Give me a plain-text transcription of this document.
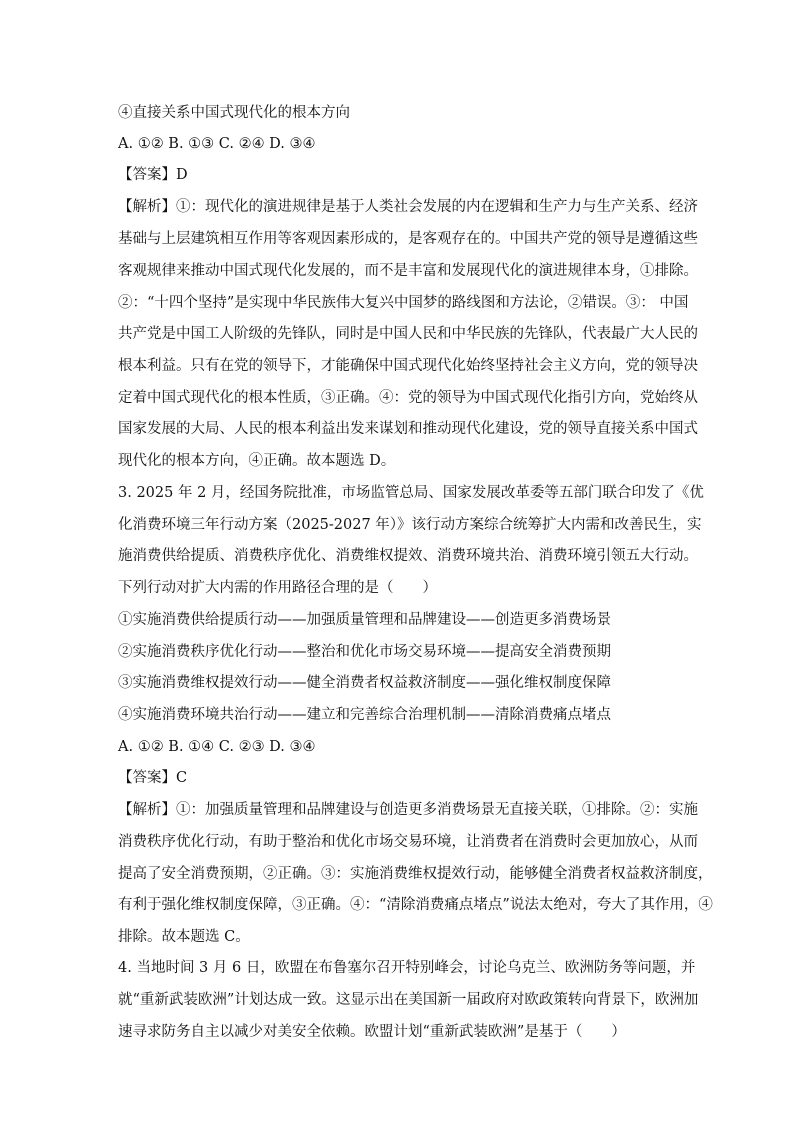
④直接关系中国式现代化的根本方向
A. ①② B. ①③ C. ②④ D. ③④
【答案】D
【解析】①：现代化的演进规律是基于人类社会发展的内在逻辑和生产力与生产关系、经济
基础与上层建筑相互作用等客观因素形成的，是客观存在的。中国共产党的领导是遵循这些
客观规律来推动中国式现代化发展的，而不是丰富和发展现代化的演进规律本身，①排除。
②：“十四个坚持”是实现中华民族伟大复兴中国梦的路线图和方法论，②错误。③： 中国
共产党是中国工人阶级的先锋队，同时是中国人民和中华民族的先锋队，代表最广大人民的
根本利益。只有在党的领导下，才能确保中国式现代化始终坚持社会主义方向，党的领导决
定着中国式现代化的根本性质，③正确。④：党的领导为中国式现代化指引方向，党始终从
国家发展的大局、人民的根本利益出发来谋划和推动现代化建设，党的领导直接关系中国式
现代化的根本方向，④正确。故本题选 D。
3. 2025 年 2 月，经国务院批准，市场监管总局、国家发展改革委等五部门联合印发了《优
化消费环境三年行动方案（2025-2027 年）》该行动方案综合统筹扩大内需和改善民生，实
施消费供给提质、消费秩序优化、消费维权提效、消费环境共治、消费环境引领五大行动。
下列行动对扩大内需的作用路径合理的是（　　）
①实施消费供给提质行动——加强质量管理和品牌建设——创造更多消费场景
②实施消费秩序优化行动——整治和优化市场交易环境——提高安全消费预期
③实施消费维权提效行动——健全消费者权益救济制度——强化维权制度保障
④实施消费环境共治行动——建立和完善综合治理机制——清除消费痛点堵点
A. ①② B. ①④ C. ②③ D. ③④
【答案】C
【解析】①：加强质量管理和品牌建设与创造更多消费场景无直接关联，①排除。②：实施
消费秩序优化行动，有助于整治和优化市场交易环境，让消费者在消费时会更加放心，从而
提高了安全消费预期，②正确。③：实施消费维权提效行动，能够健全消费者权益救济制度，
有利于强化维权制度保障，③正确。④：“清除消费痛点堵点”说法太绝对，夸大了其作用，④
排除。故本题选 C。
4. 当地时间 3 月 6 日，欧盟在布鲁塞尔召开特别峰会，讨论乌克兰、欧洲防务等问题，并
就“重新武装欧洲”计划达成一致。这显示出在美国新一届政府对欧政策转向背景下，欧洲加
速寻求防务自主以减少对美安全依赖。欧盟计划“重新武装欧洲”是基于（　　）
